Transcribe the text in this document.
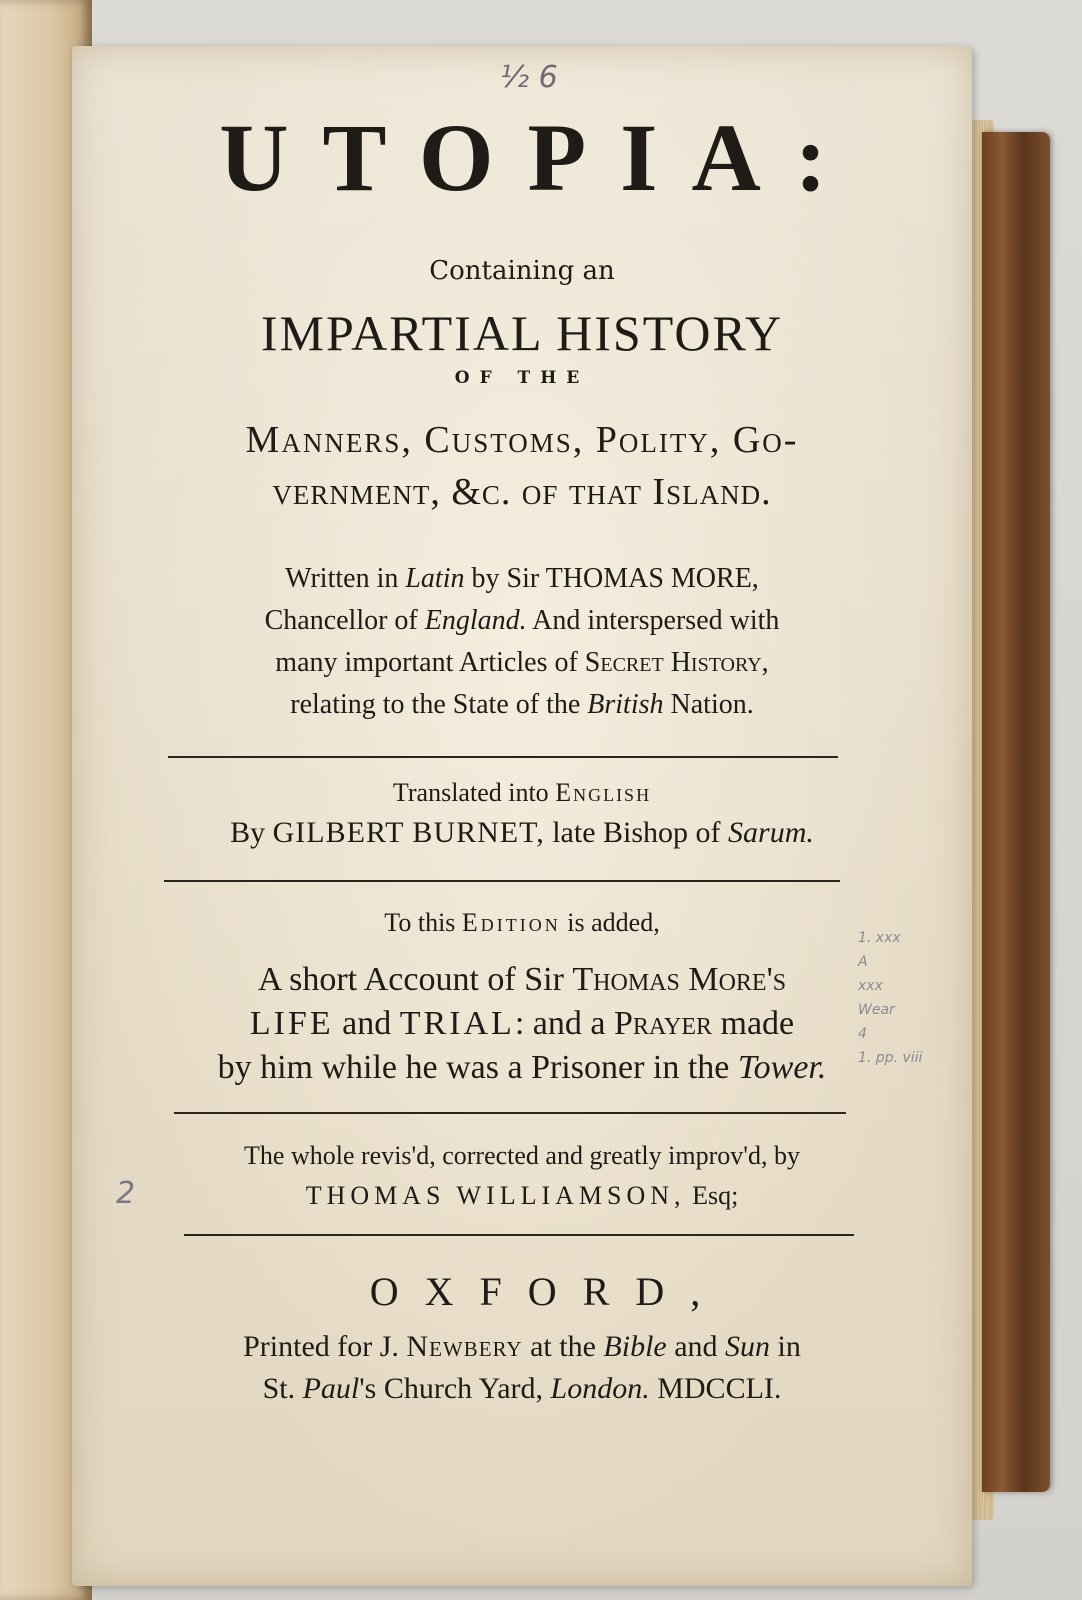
½ 6
2
1. xxx
A
xxx
Wear
4
1. pp. viii
UTOPIA:
Containing an
IMPARTIAL HISTORY
OF THE
Manners, Customs, Polity, Go-
vernment, &c. of that Island.
Written in Latin by Sir THOMAS MORE,
Chancellor of England. And interspersed with
many important Articles of Secret History,
relating to the State of the British Nation.
Translated into English
By GILBERT BURNET, late Bishop of Sarum.
To this Edition is added,
A short Account of Sir Thomas More's
LIFE and TRIAL: and a Prayer made
by him while he was a Prisoner in the Tower.
The whole revis'd, corrected and greatly improv'd, by
THOMAS WILLIAMSON, Esq;
OXFORD,
Printed for J. Newbery at the Bible and Sun in
St. Paul's Church Yard, London. MDCCLI.
